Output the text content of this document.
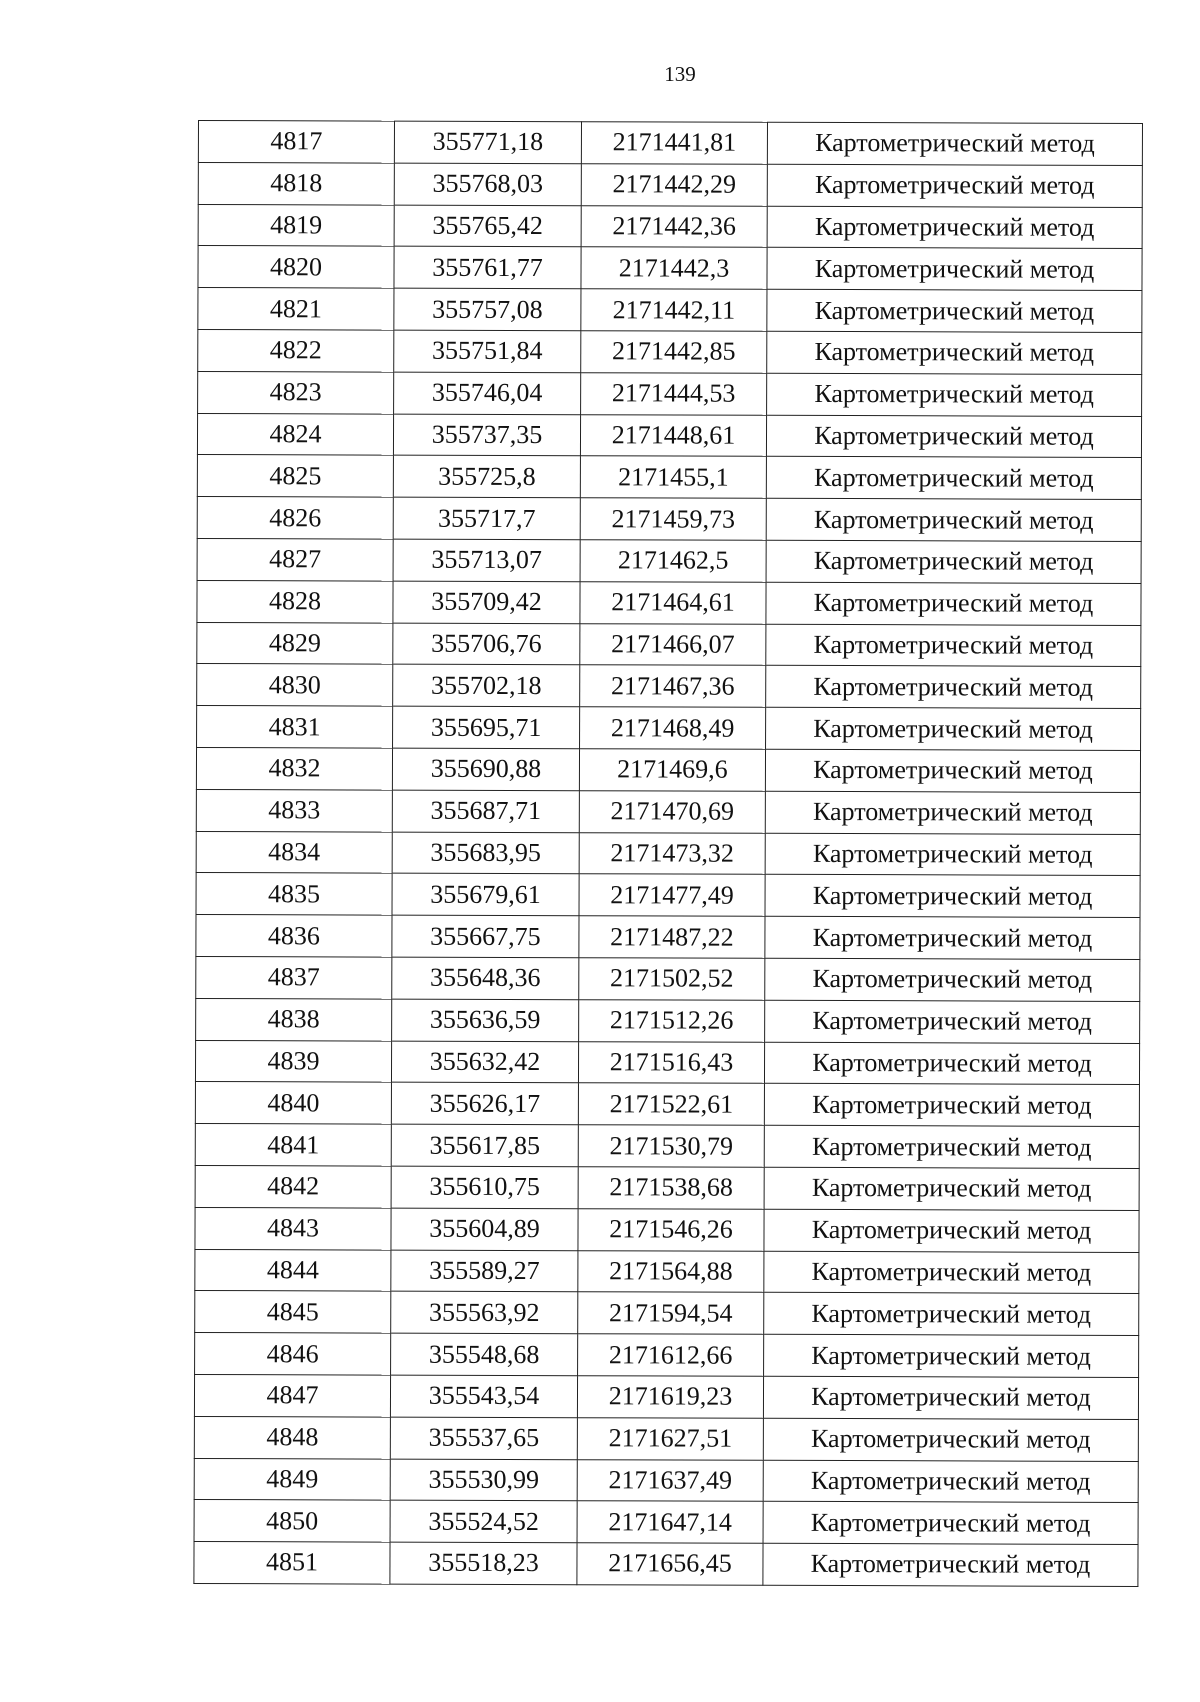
139
4817	355771,18	2171441,81	Картометрический метод
4818	355768,03	2171442,29	Картометрический метод
4819	355765,42	2171442,36	Картометрический метод
4820	355761,77	2171442,3	Картометрический метод
4821	355757,08	2171442,11	Картометрический метод
4822	355751,84	2171442,85	Картометрический метод
4823	355746,04	2171444,53	Картометрический метод
4824	355737,35	2171448,61	Картометрический метод
4825	355725,8	2171455,1	Картометрический метод
4826	355717,7	2171459,73	Картометрический метод
4827	355713,07	2171462,5	Картометрический метод
4828	355709,42	2171464,61	Картометрический метод
4829	355706,76	2171466,07	Картометрический метод
4830	355702,18	2171467,36	Картометрический метод
4831	355695,71	2171468,49	Картометрический метод
4832	355690,88	2171469,6	Картометрический метод
4833	355687,71	2171470,69	Картометрический метод
4834	355683,95	2171473,32	Картометрический метод
4835	355679,61	2171477,49	Картометрический метод
4836	355667,75	2171487,22	Картометрический метод
4837	355648,36	2171502,52	Картометрический метод
4838	355636,59	2171512,26	Картометрический метод
4839	355632,42	2171516,43	Картометрический метод
4840	355626,17	2171522,61	Картометрический метод
4841	355617,85	2171530,79	Картометрический метод
4842	355610,75	2171538,68	Картометрический метод
4843	355604,89	2171546,26	Картометрический метод
4844	355589,27	2171564,88	Картометрический метод
4845	355563,92	2171594,54	Картометрический метод
4846	355548,68	2171612,66	Картометрический метод
4847	355543,54	2171619,23	Картометрический метод
4848	355537,65	2171627,51	Картометрический метод
4849	355530,99	2171637,49	Картометрический метод
4850	355524,52	2171647,14	Картометрический метод
4851	355518,23	2171656,45	Картометрический метод
